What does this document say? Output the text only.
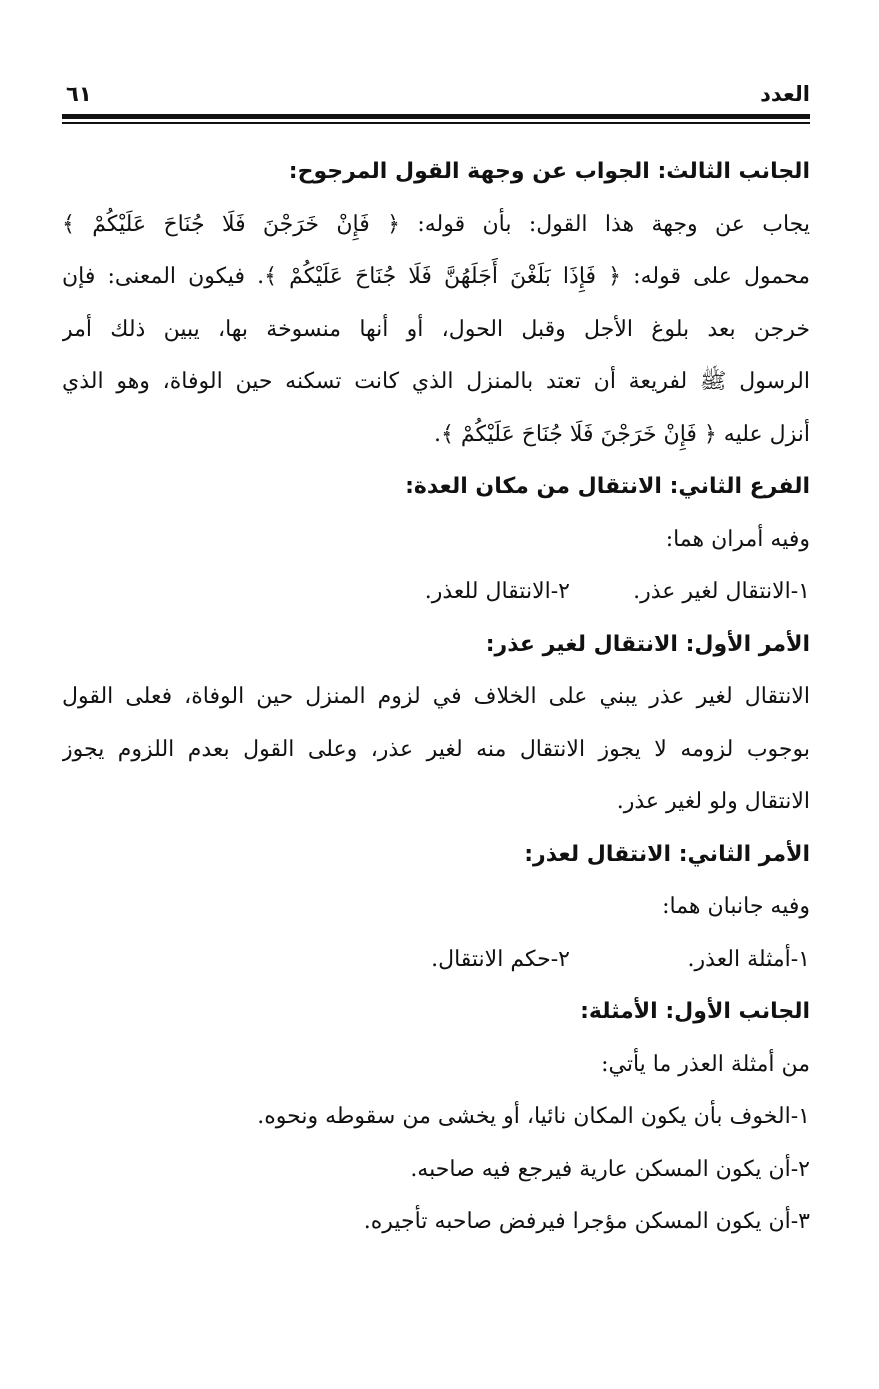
العدد
٦١
الجانب الثالث: الجواب عن وجهة القول المرجوح:
يجاب عن وجهة هذا القول: بأن قوله: ﴿ فَإِنْ خَرَجْنَ فَلَا جُنَاحَ عَلَيْكُمْ ﴾
محمول على قوله: ﴿ فَإِذَا بَلَغْنَ أَجَلَهُنَّ فَلَا جُنَاحَ عَلَيْكُمْ ﴾. فيكون المعنى: فإن
خرجن بعد بلوغ الأجل وقبل الحول، أو أنها منسوخة بها، يبين ذلك أمر
الرسول ﷺ لفريعة أن تعتد بالمنزل الذي كانت تسكنه حين الوفاة، وهو الذي
أنزل عليه ﴿ فَإِنْ خَرَجْنَ فَلَا جُنَاحَ عَلَيْكُمْ ﴾.
الفرع الثاني: الانتقال من مكان العدة:
وفيه أمران هما:
١-الانتقال لغير عذر.
٢-الانتقال للعذر.
الأمر الأول: الانتقال لغير عذر:
الانتقال لغير عذر يبني على الخلاف في لزوم المنزل حين الوفاة، فعلى القول
بوجوب لزومه لا يجوز الانتقال منه لغير عذر، وعلى القول بعدم اللزوم يجوز
الانتقال ولو لغير عذر.
الأمر الثاني: الانتقال لعذر:
وفيه جانبان هما:
١-أمثلة العذر.
٢-حكم الانتقال.
الجانب الأول: الأمثلة:
من أمثلة العذر ما يأتي:
١-الخوف بأن يكون المكان نائيا، أو يخشى من سقوطه ونحوه.
٢-أن يكون المسكن عارية فيرجع فيه صاحبه.
٣-أن يكون المسكن مؤجرا فيرفض صاحبه تأجيره.
